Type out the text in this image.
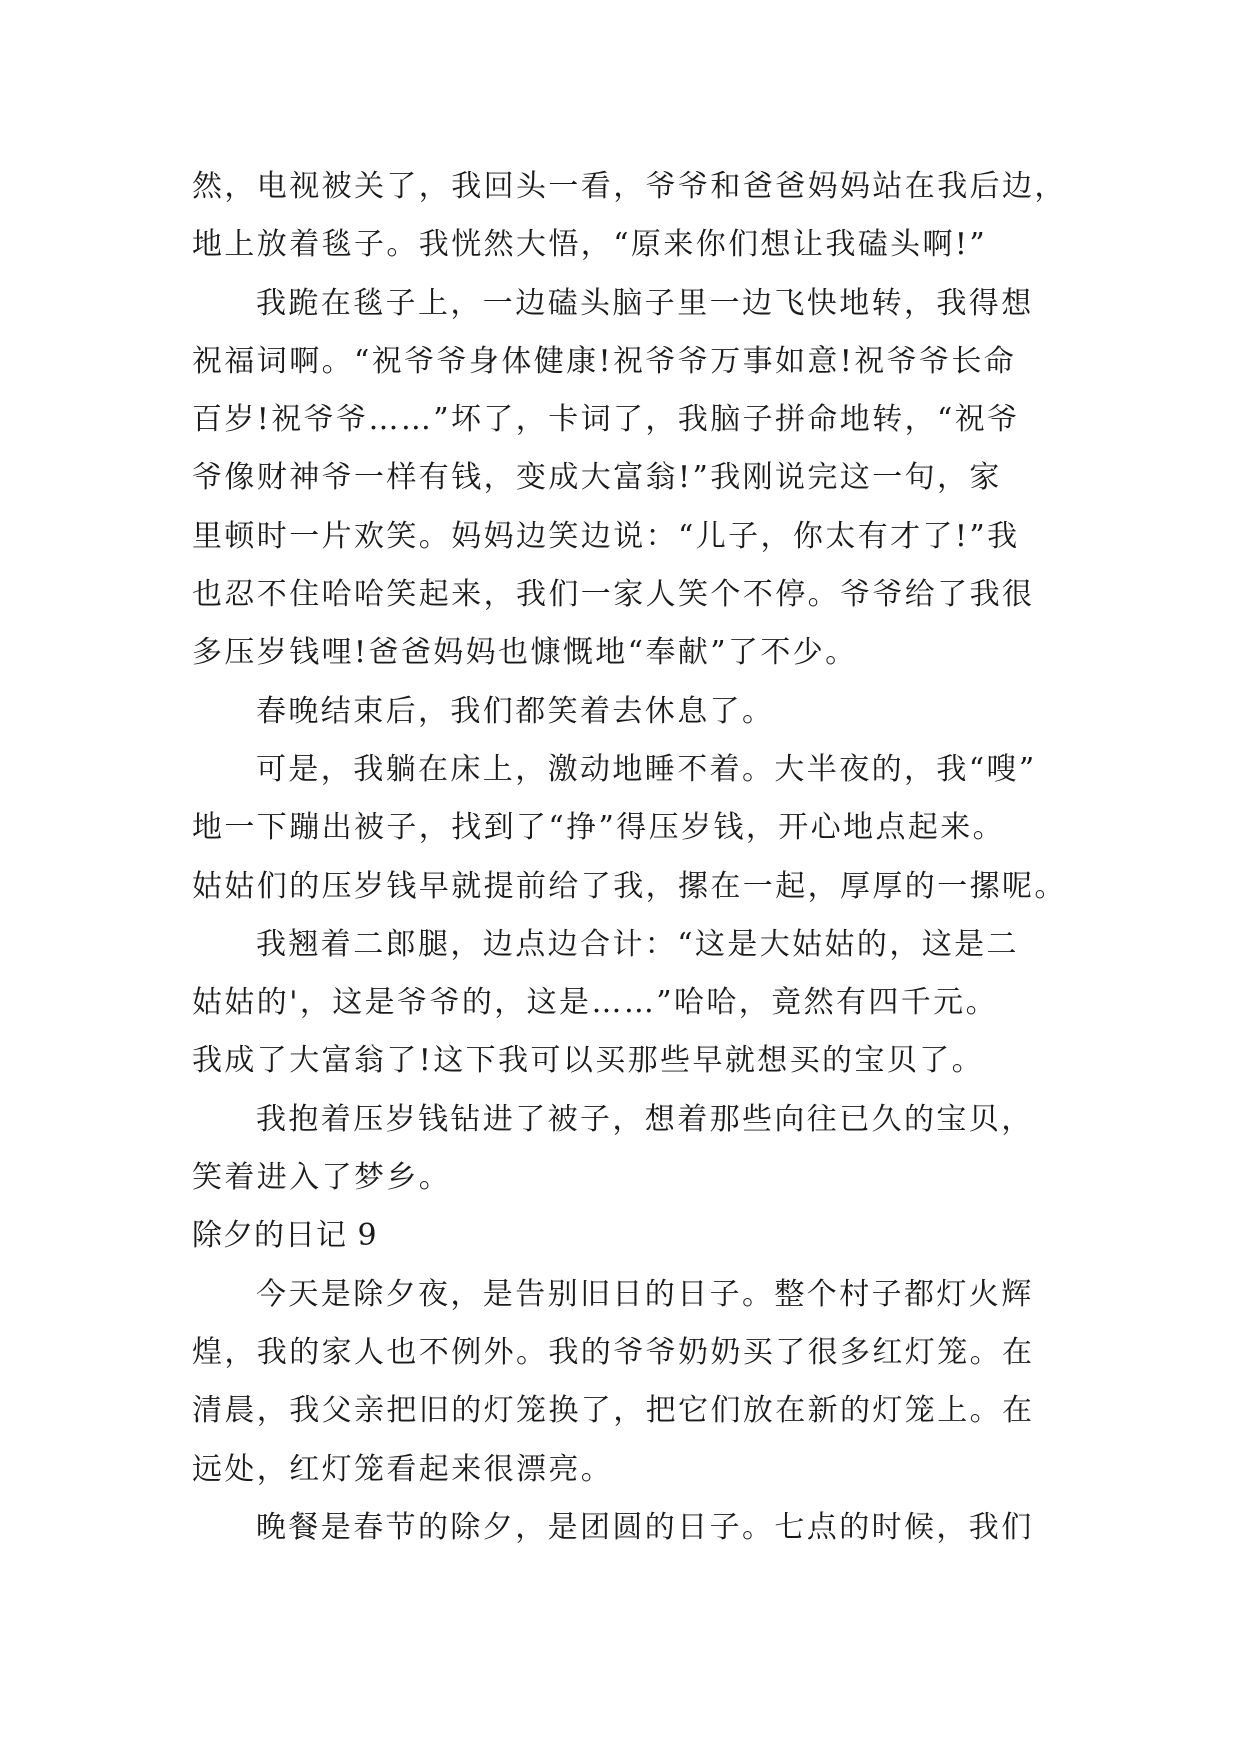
然，电视被关了，我回头一看，爷爷和爸爸妈妈站在我后边，
地上放着毯子。我恍然大悟，“原来你们想让我磕头啊!”
我跪在毯子上，一边磕头脑子里一边飞快地转，我得想
祝福词啊。“祝爷爷身体健康!祝爷爷万事如意!祝爷爷长命
百岁!祝爷爷……”坏了，卡词了，我脑子拼命地转，“祝爷
爷像财神爷一样有钱，变成大富翁!”我刚说完这一句，家
里顿时一片欢笑。妈妈边笑边说：“儿子，你太有才了!”我
也忍不住哈哈笑起来，我们一家人笑个不停。爷爷给了我很
多压岁钱哩!爸爸妈妈也慷慨地“奉献”了不少。
春晚结束后，我们都笑着去休息了。
可是，我躺在床上，激动地睡不着。大半夜的，我“嗖”
地一下蹦出被子，找到了“挣”得压岁钱，开心地点起来。
姑姑们的压岁钱早就提前给了我，摞在一起，厚厚的一摞呢。
我翘着二郎腿，边点边合计：“这是大姑姑的，这是二
姑姑的'，这是爷爷的，这是……”哈哈，竟然有四千元。
我成了大富翁了!这下我可以买那些早就想买的宝贝了。
我抱着压岁钱钻进了被子，想着那些向往已久的宝贝，
笑着进入了梦乡。
除夕的日记 9
今天是除夕夜，是告别旧日的日子。整个村子都灯火辉
煌，我的家人也不例外。我的爷爷奶奶买了很多红灯笼。在
清晨，我父亲把旧的灯笼换了，把它们放在新的灯笼上。在
远处，红灯笼看起来很漂亮。
晚餐是春节的除夕，是团圆的日子。七点的时候，我们
